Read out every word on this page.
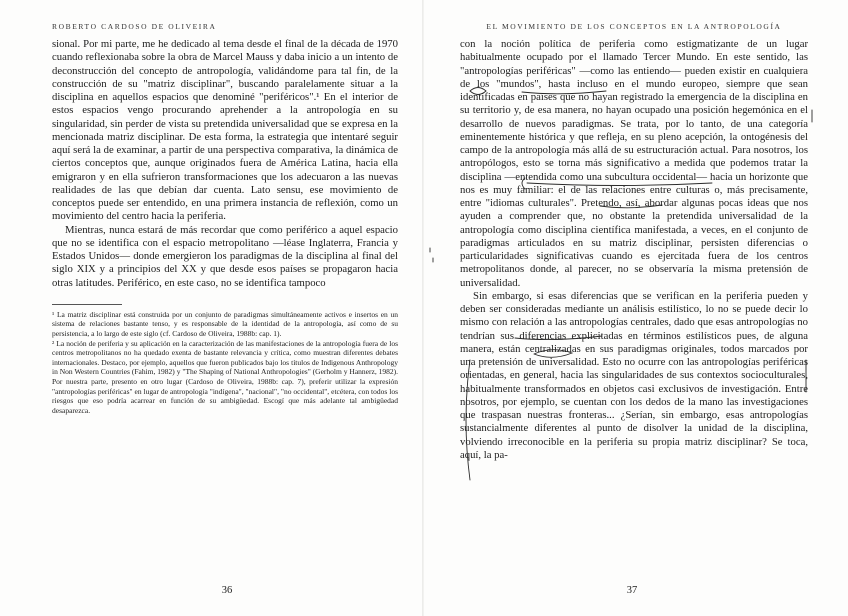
ROBERTO CARDOSO DE OLIVEIRA

sional. Por mi parte, me he dedicado al tema desde el final de la década de 1970 cuando reflexionaba sobre la obra de Marcel Mauss y daba inicio a un intento de deconstrucción del concepto de antropología, validándome para tal fin, de la construcción de su "matriz disciplinar", buscando paralelamente situar a la disciplina en aquellos espacios que denominé "periféricos".¹ En el interior de estos espacios vengo procurando aprehender a la antropología en su singularidad, sin perder de vista su pretendida universalidad que se expresa en la mencionada matriz disciplinar. De esta forma, la estrategia que intentaré seguir aquí será la de examinar, a partir de una perspectiva comparativa, la dinámica de ciertos conceptos que, aunque originados fuera de América Latina, hacia ella emigraron y en ella sufrieron transformaciones que los adecuaron a las nuevas realidades de las que debían dar cuenta. Lato sensu, ese movimiento de conceptos puede ser entendido, en una primera instancia de reflexión, como un movimiento del centro hacia la periferia.

Mientras, nunca estará de más recordar que como periférico a aquel espacio que no se identifica con el espacio metropolitano —léase Inglaterra, Francia y Estados Unidos— donde emergieron los paradigmas de la disciplina al final del siglo XIX y a principios del XX y que desde esos países se propagaron hacia otras latitudes. Periférico, en este caso, no se identifica tampoco

¹ La matriz disciplinar está construida por un conjunto de paradigmas simultáneamente activos e insertos en un sistema de relaciones bastante tenso, y es responsable de la identidad de la antropología, así como de su persistencia, a lo largo de este siglo (cf. Cardoso de Oliveira, 1988b: cap. 1).

² La noción de periferia y su aplicación en la caracterización de las manifestaciones de la antropología fuera de los centros metropolitanos no ha quedado exenta de bastante relevancia y crítica, como muestran diferentes debates internacionales. Destaco, por ejemplo, aquellos que fueron publicados bajo los títulos de Indigenous Anthropology in Non Western Countries (Fahim, 1982) y "The Shaping of National Anthropologies" (Gerholm y Hannerz, 1982). Por nuestra parte, presento en otro lugar (Cardoso de Oliveira, 1988b: cap. 7), preferir utilizar la expresión "antropologías periféricas" en lugar de antropología "indígena", "nacional", "no occidental", etcétera, con todos los riesgos que eso podría acarrear en función de su ambigüedad. Escogí que más adelante tal ambigüedad desaparezca.

36
EL MOVIMIENTO DE LOS CONCEPTOS EN LA ANTROPOLOGÍA

con la noción política de periferia como estigmatizante de un lugar habitualmente ocupado por el llamado Tercer Mundo. En este sentido, las "antropologías periféricas" —como las entiendo— pueden existir en cualquiera de los "mundos", hasta incluso en el mundo europeo, siempre que sean identificadas en países que no hayan registrado la emergencia de la disciplina en su territorio y, de esa manera, no hayan ocupado una posición hegemónica en el desarrollo de nuevos paradigmas. Se trata, por lo tanto, de una categoría eminentemente histórica y que refleja, en su pleno acepción, la ontogénesis del campo de la antropología más allá de su estructuración actual. Para nosotros, los antropólogos, esto se torna más significativo a medida que podemos tratar la disciplina —entendida como una subcultura occidental— hacia un horizonte que nos es muy familiar: el de las relaciones entre culturas o, más precisamente, entre "idiomas culturales". Pretendo, así, abordar algunas pocas ideas que nos ayuden a comprender que, no obstante la pretendida universalidad de la antropología como disciplina científica manifestada, a veces, en el conjunto de paradigmas articulados en su matriz disciplinar, persisten diferencias o particularidades significativas cuando es ejercitada fuera de los centros metropolitanos donde, al parecer, no se observaría la misma pretensión de universalidad.

Sin embargo, si esas diferencias que se verifican en la periferia pueden y deben ser consideradas mediante un análisis estilístico, lo no se puede decir lo mismo con relación a las antropologías centrales, dado que esas antropologías no tendrían sus diferencias explicitadas en términos estilísticos pues, de alguna manera, están centralizadas en sus paradigmas originales, todos marcados por una pretensión de universalidad. Esto no ocurre con las antropologías periféricas orientadas, en general, hacia las singularidades de sus contextos socioculturales, habitualmente transformados en objetos casi exclusivos de investigación. Entre nosotros, por ejemplo, se cuentan con los dedos de la mano las investigaciones que traspasan nuestras fronteras... ¿Serían, sin embargo, esas antropologías sustancialmente diferentes al punto de disolver la unidad de la disciplina, volviendo irreconocible en la periferia su propia matriz disciplinar? Se toca, aquí, la pa-

37
